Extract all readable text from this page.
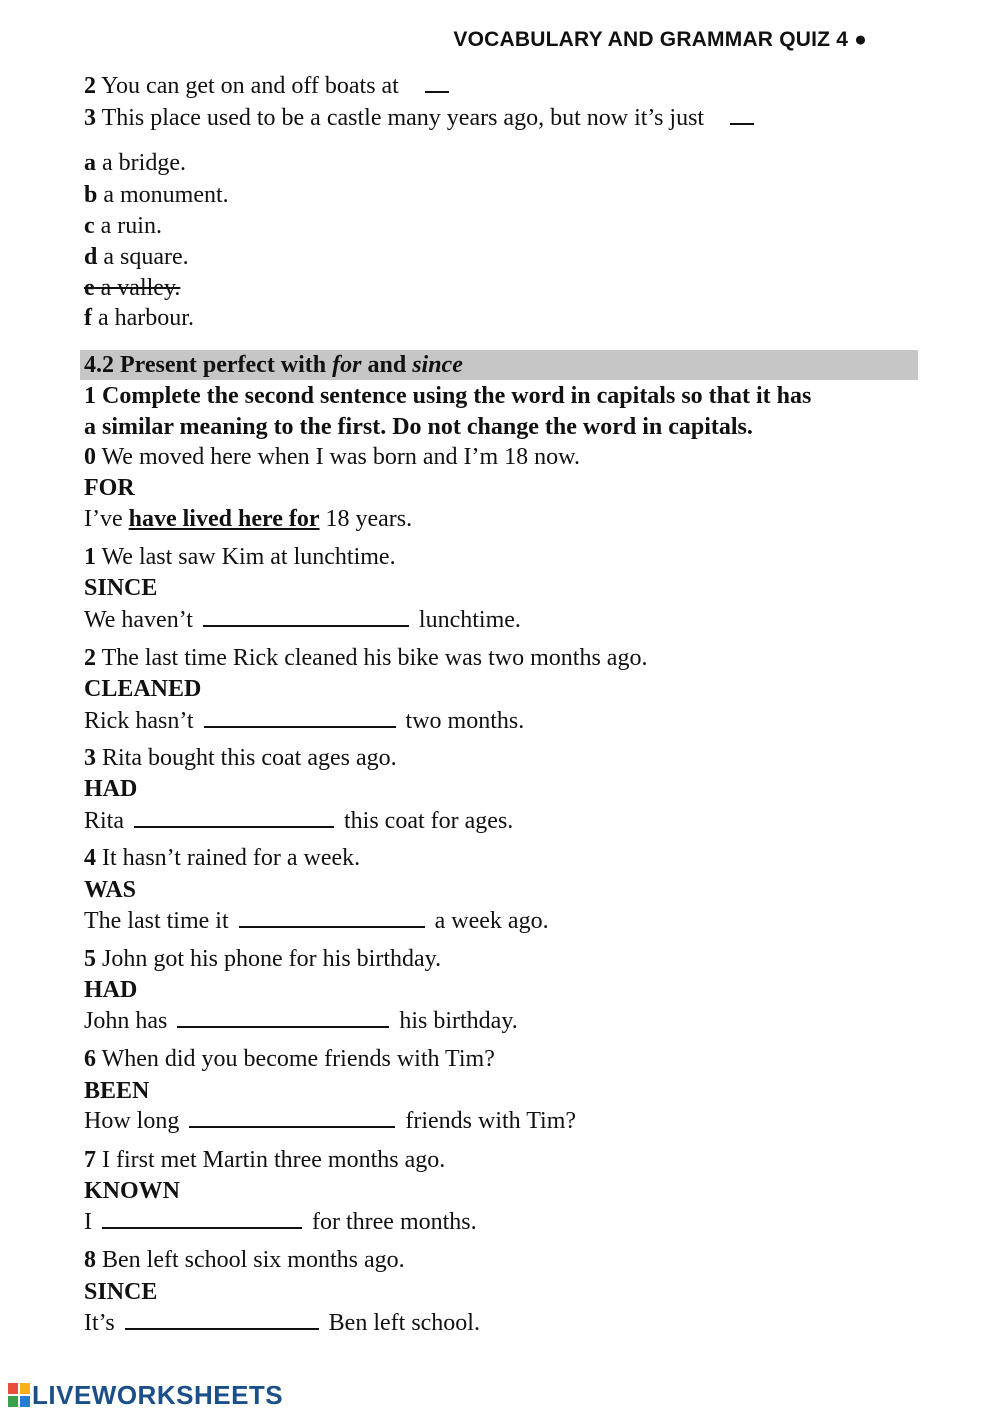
VOCABULARY AND GRAMMAR QUIZ 4 ●
2 You can get on and off boats at
3 This place used to be a castle many years ago, but now it’s just
a a bridge.
b a monument.
c a ruin.
d a square.
e a valley.
f a harbour.
4.2 Present perfect with for and since
1 Complete the second sentence using the word in capitals so that it has
a similar meaning to the first. Do not change the word in capitals.
0 We moved here when I was born and I’m 18 now.
FOR
I’ve have lived here for 18 years.
1 We last saw Kim at lunchtime.
SINCE
We haven’t	lunchtime.
2 The last time Rick cleaned his bike was two months ago.
CLEANED
Rick hasn’t	two months.
3 Rita bought this coat ages ago.
HAD
Rita	this coat for ages.
4 It hasn’t rained for a week.
WAS
The last time it	a week ago.
5 John got his phone for his birthday.
HAD
John has	his birthday.
6 When did you become friends with Tim?
BEEN
How long	friends with Tim?
7 I first met Martin three months ago.
KNOWN
I	for three months.
8 Ben left school six months ago.
SINCE
It’s	Ben left school.
LIVEWORKSHEETS
